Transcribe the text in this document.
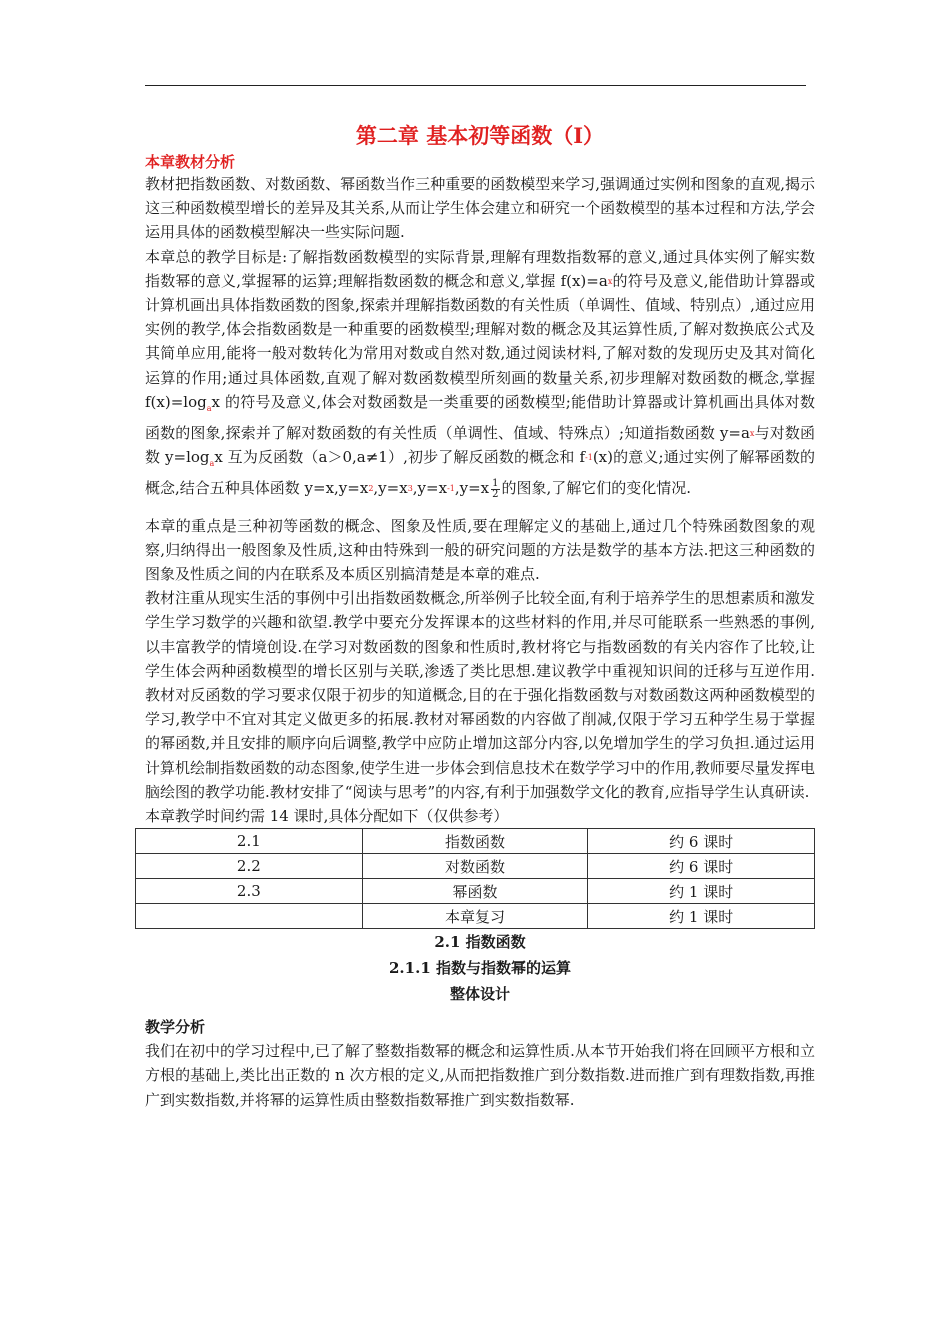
第二章 基本初等函数（Ⅰ）

本章教材分析

教材把指数函数、对数函数、幂函数当作三种重要的函数模型来学习,强调通过实例和图象的直观,揭示这三种函数模型增长的差异及其关系,从而让学生体会建立和研究一个函数模型的基本过程和方法,学会运用具体的函数模型解决一些实际问题.

本章总的教学目标是:了解指数函数模型的实际背景,理解有理数指数幂的意义,通过具体实例了解实数指数幂的意义,掌握幂的运算;理解指数函数的概念和意义,掌握 $f(x)=a^x$的符号及意义,能借助计算器或计算机画出具体指数函数的图象,探索并理解指数函数的有关性质（单调性、值域、特别点）,通过应用实例的教学,体会指数函数是一种重要的函数模型;理解对数的概念及其运算性质,了解对数换底公式及其简单应用,能将一般对数转化为常用对数或自然对数,通过阅读材料,了解对数的发现历史及其对简化运算的作用;通过具体函数,直观了解对数函数模型所刻画的数量关系,初步理解对数函数的概念,掌握 $f(x)=\log_ax$ 的符号及意义,体会对数函数是一类重要的函数模型;能借助计算器或计算机画出具体对数函数的图象,探索并了解对数函数的有关性质（单调性、值域、特殊点）;知道指数函数 $y=a^x$与对数函数 $y=\log_ax$ 互为反函数（a＞0,a≠1）,初步了解反函数的概念和 $f^{-1}(x)$的意义;通过实例了解幂函数的概念,结合五种具体函数 $y=x,y=x^2,y=x^3,y=x^{-1},y=x \frac{1}{2}$ 的图象,了解它们的变化情况.

本章的重点是三种初等函数的概念、图象及性质,要在理解定义的基础上,通过几个特殊函数图象的观察,归纳得出一般图象及性质,这种由特殊到一般的研究问题的方法是数学的基本方法.把这三种函数的图象及性质之间的内在联系及本质区别搞清楚是本章的难点.

教材注重从现实生活的事例中引出指数函数概念,所举例子比较全面,有利于培养学生的思想素质和激发学生学习数学的兴趣和欲望.教学中要充分发挥课本的这些材料的作用,并尽可能联系一些熟悉的事例,以丰富教学的情境创设.在学习对数函数的图象和性质时,教材将它与指数函数的有关内容作了比较,让学生体会两种函数模型的增长区别与关联,渗透了类比思想.建议教学中重视知识间的迁移与互逆作用.教材对反函数的学习要求仅限于初步的知道概念,目的在于强化指数函数与对数函数这两种函数模型的学习,教学中不宜对其定义做更多的拓展.教材对幂函数的内容做了削减,仅限于学习五种学生易于掌握的幂函数,并且安排的顺序向后调整,教学中应防止增加这部分内容,以免增加学生的学习负担.通过运用计算机绘制指数函数的动态图象,使学生进一步体会到信息技术在数学学习中的作用,教师要尽量发挥电脑绘图的教学功能.教材安排了“阅读与思考”的内容,有利于加强数学文化的教育,应指导学生认真研读.

本章教学时间约需 14 课时,具体分配如下（仅供参考）

2.1	指数函数	约 6 课时
2.2	对数函数	约 6 课时
2.3	幂函数	约 1 课时
	本章复习	约 1 课时

2.1 指数函数

2.1.1 指数与指数幂的运算

整体设计

教学分析

我们在初中的学习过程中,已了解了整数指数幂的概念和运算性质.从本节开始我们将在回顾平方根和立方根的基础上,类比出正数的 n 次方根的定义,从而把指数推广到分数指数.进而推广到有理数指数,再推广到实数指数,并将幂的运算性质由整数指数幂推广到实数指数幂.
